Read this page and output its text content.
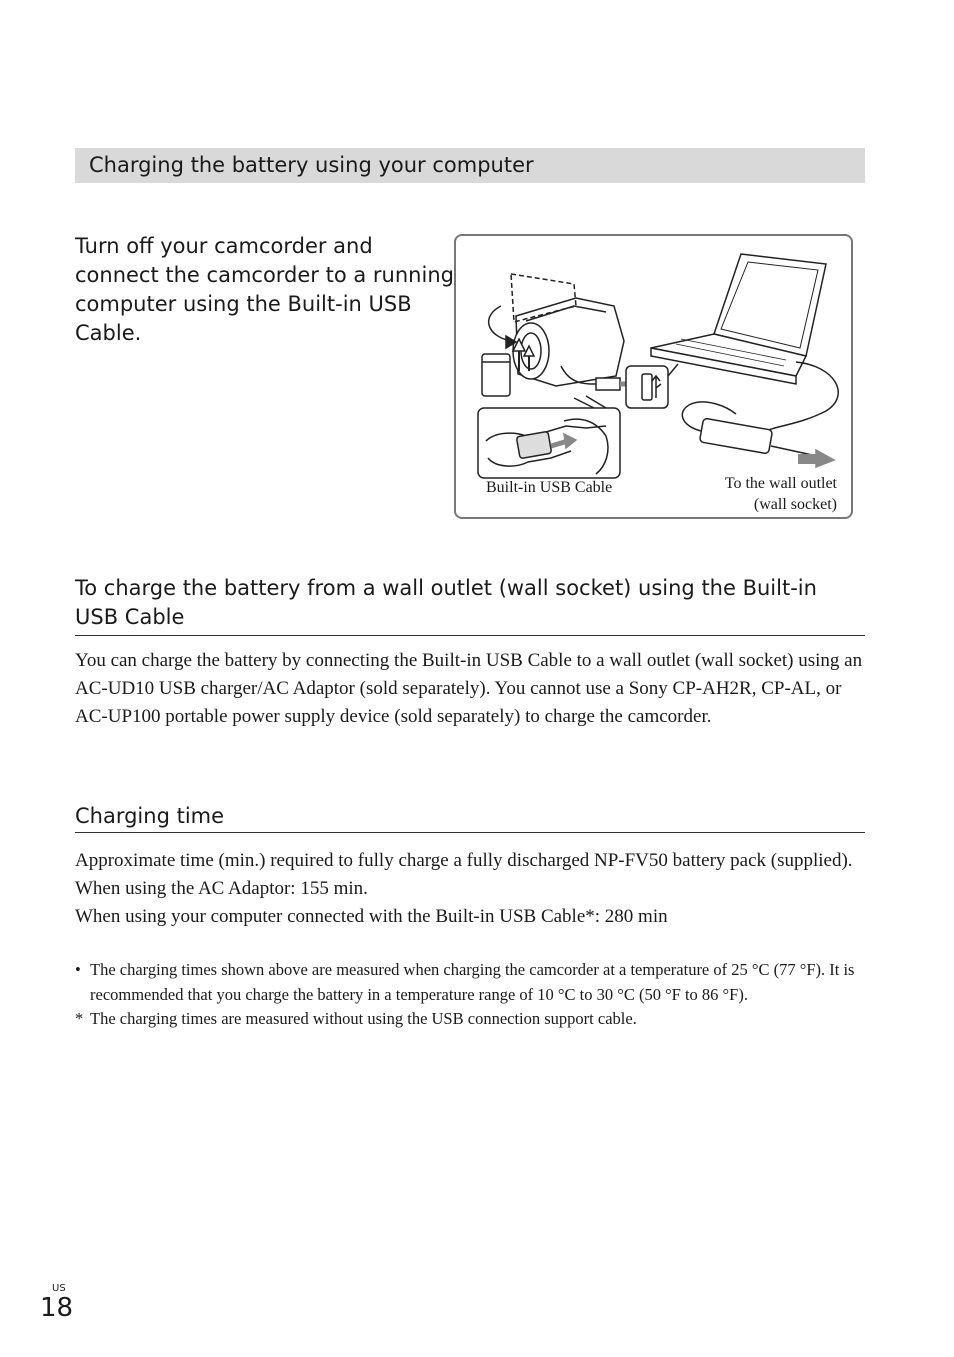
Charging the battery using your computer
Turn off your camcorder and connect the camcorder to a running computer using the Built-in USB Cable.
Built-in USB Cable	To the wall outlet
(wall socket)
To charge the battery from a wall outlet (wall socket) using the Built-in USB Cable
You can charge the battery by connecting the Built-in USB Cable to a wall outlet (wall socket) using an AC-UD10 USB charger/AC Adaptor (sold separately). You cannot use a Sony CP-AH2R, CP-AL, or AC-UP100 portable power supply device (sold separately) to charge the camcorder.
Charging time
Approximate time (min.) required to fully charge a fully discharged NP-FV50 battery pack (supplied).
When using the AC Adaptor: 155 min.
When using your computer connected with the Built-in USB Cable*: 280 min
• The charging times shown above are measured when charging the camcorder at a temperature of 25 °C (77 °F). It is recommended that you charge the battery in a temperature range of 10 °C to 30 °C (50 °F to 86 °F).
* The charging times are measured without using the USB connection support cable.
US
18
